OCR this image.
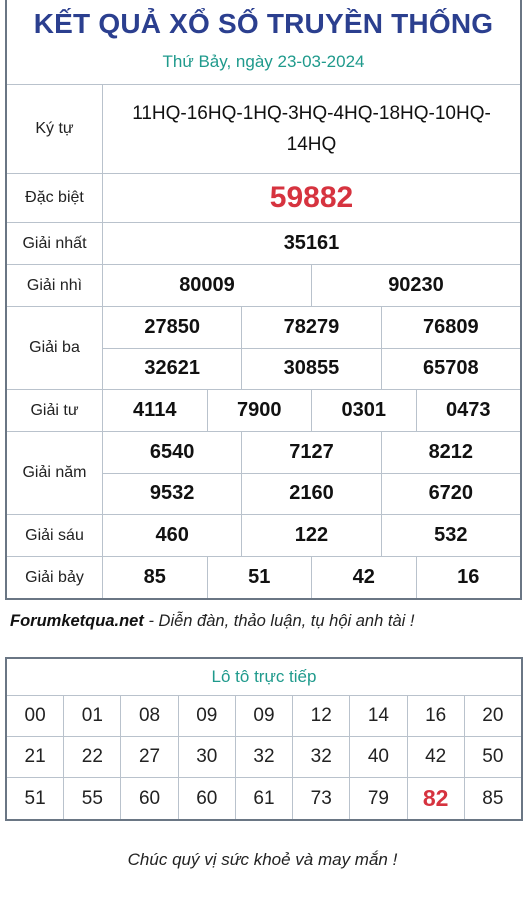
KẾT QUẢ XỔ SỐ TRUYỀN THỐNG
Thứ Bảy, ngày 23-03-2024
Ký tự
11HQ-16HQ-1HQ-3HQ-4HQ-18HQ-10HQ-
14HQ
Đặc biệt	59882
Giải nhất	35161
Giải nhì	80009	90230
Giải ba
27850	78279	76809
32621	30855	65708
Giải tư	4114	7900	0301	0473
Giải năm
6540	7127	8212
9532	2160	6720
Giải sáu	460	122	532
Giải bảy	85	51	42	16
Forumketqua.net - Diễn đàn, thảo luận, tụ hội anh tài !
Lô tô trực tiếp
00	01	08	09	09	12	14	16	20
21	22	27	30	32	32	40	42	50
51	55	60	60	61	73	79	82	85
Chúc quý vị sức khoẻ và may mắn !
